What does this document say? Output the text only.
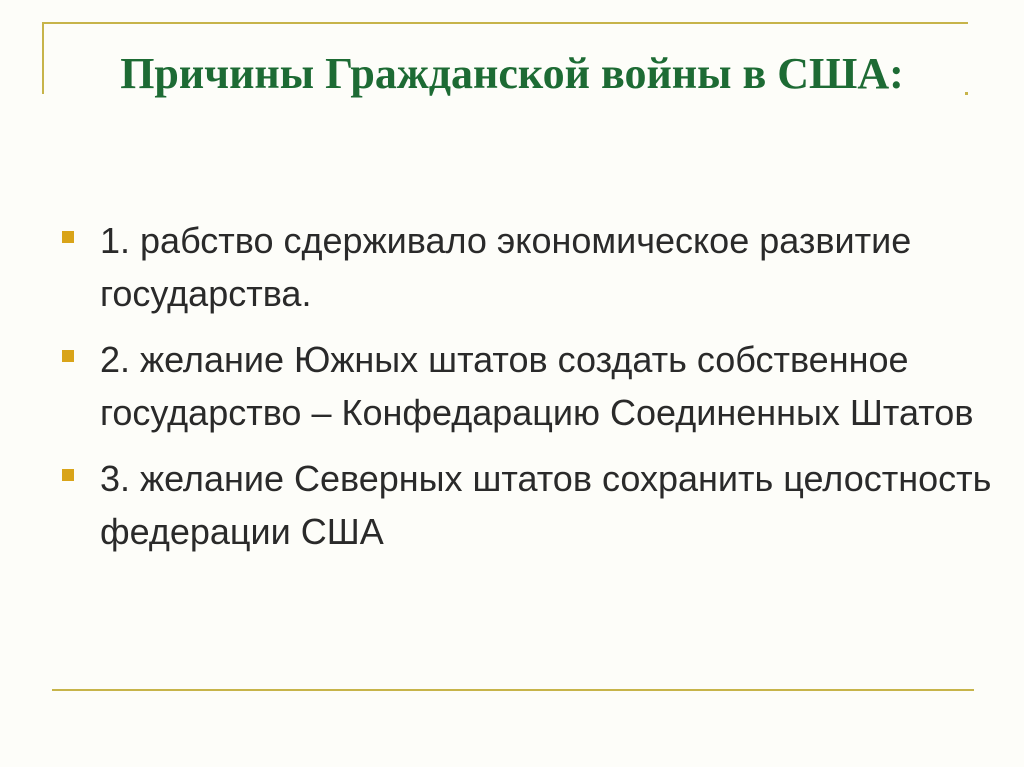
Причины Гражданской войны в США:
1. рабство сдерживало экономическое развитие государства.
2. желание Южных штатов создать собственное государство – Конфедарацию Соединенных Штатов
3. желание Северных штатов сохранить целостность федерации США
